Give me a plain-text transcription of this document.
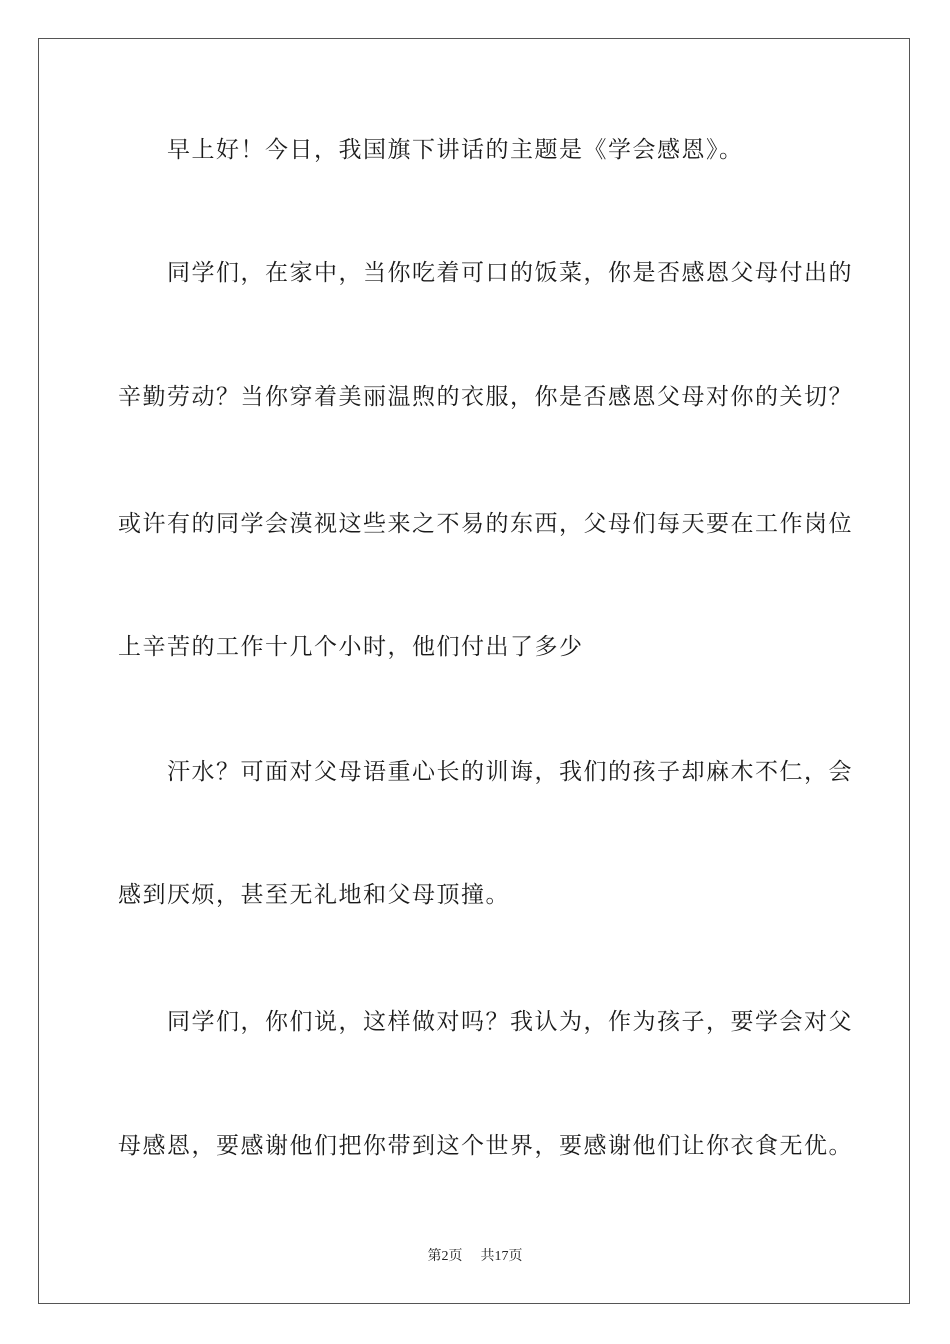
　　早上好！今日，我国旗下讲话的主题是《学会感恩》。
　　同学们，在家中，当你吃着可口的饭菜，你是否感恩父母付出的
辛勤劳动？当你穿着美丽温煦的衣服，你是否感恩父母对你的关切？
或许有的同学会漠视这些来之不易的东西，父母们每天要在工作岗位
上辛苦的工作十几个小时，他们付出了多少
　　汗水？可面对父母语重心长的训诲，我们的孩子却麻木不仁，会
感到厌烦，甚至无礼地和父母顶撞。
　　同学们，你们说，这样做对吗？我认为，作为孩子，要学会对父
母感恩，要感谢他们把你带到这个世界，要感谢他们让你衣食无优。
第2页 共17页
